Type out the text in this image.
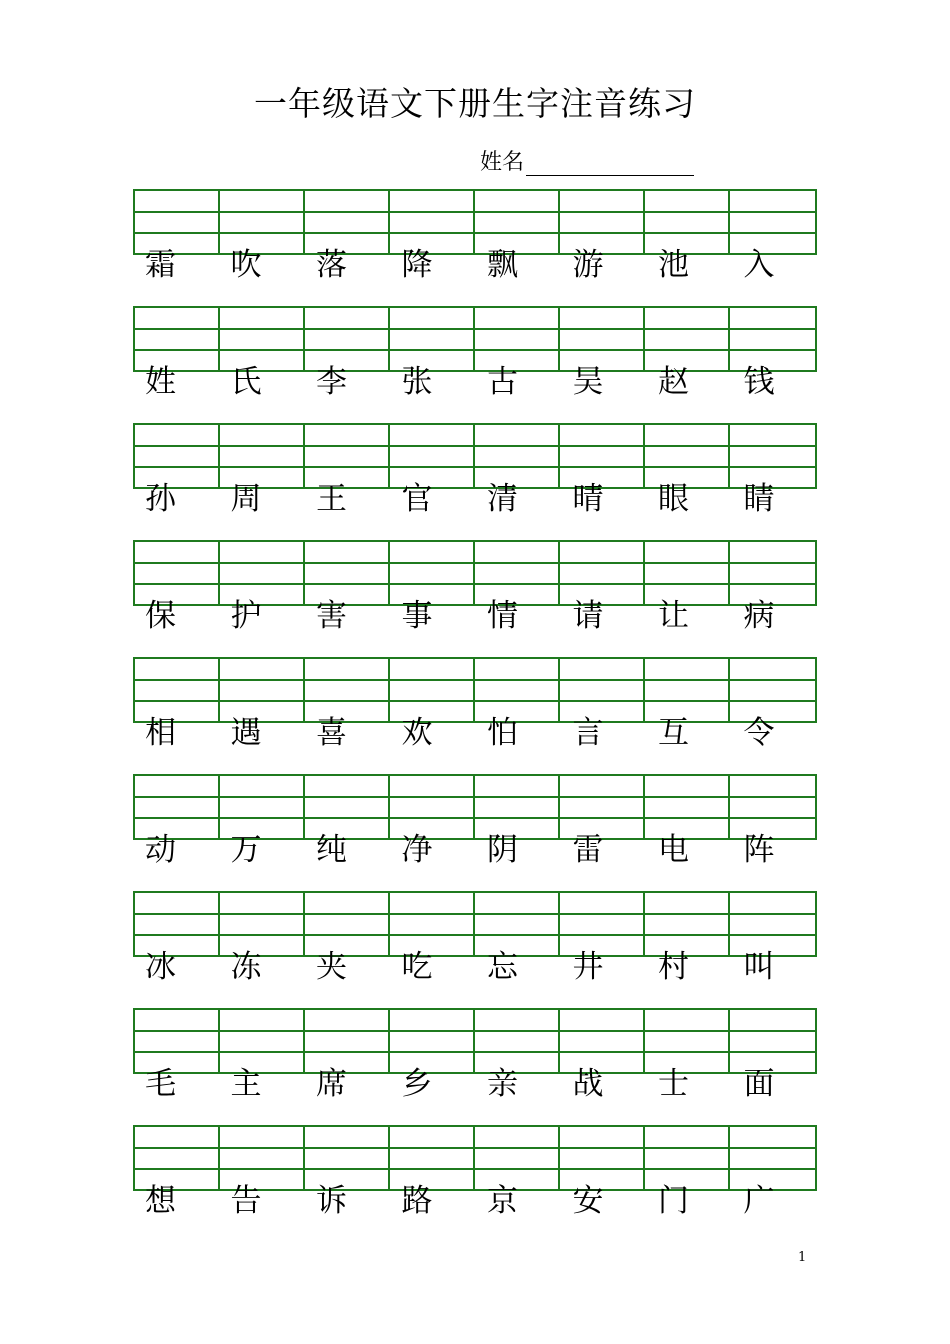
一年级语文下册生字注音练习
姓名
霜	吹	落	降	飘	游	池	入
姓	氏	李	张	古	吴	赵	钱
孙	周	王	官	清	晴	眼	睛
保	护	害	事	情	请	让	病
相	遇	喜	欢	怕	言	互	令
动	万	纯	净	阴	雷	电	阵
冰	冻	夹	吃	忘	井	村	叫
毛	主	席	乡	亲	战	士	面
想	告	诉	路	京	安	门	广
1
